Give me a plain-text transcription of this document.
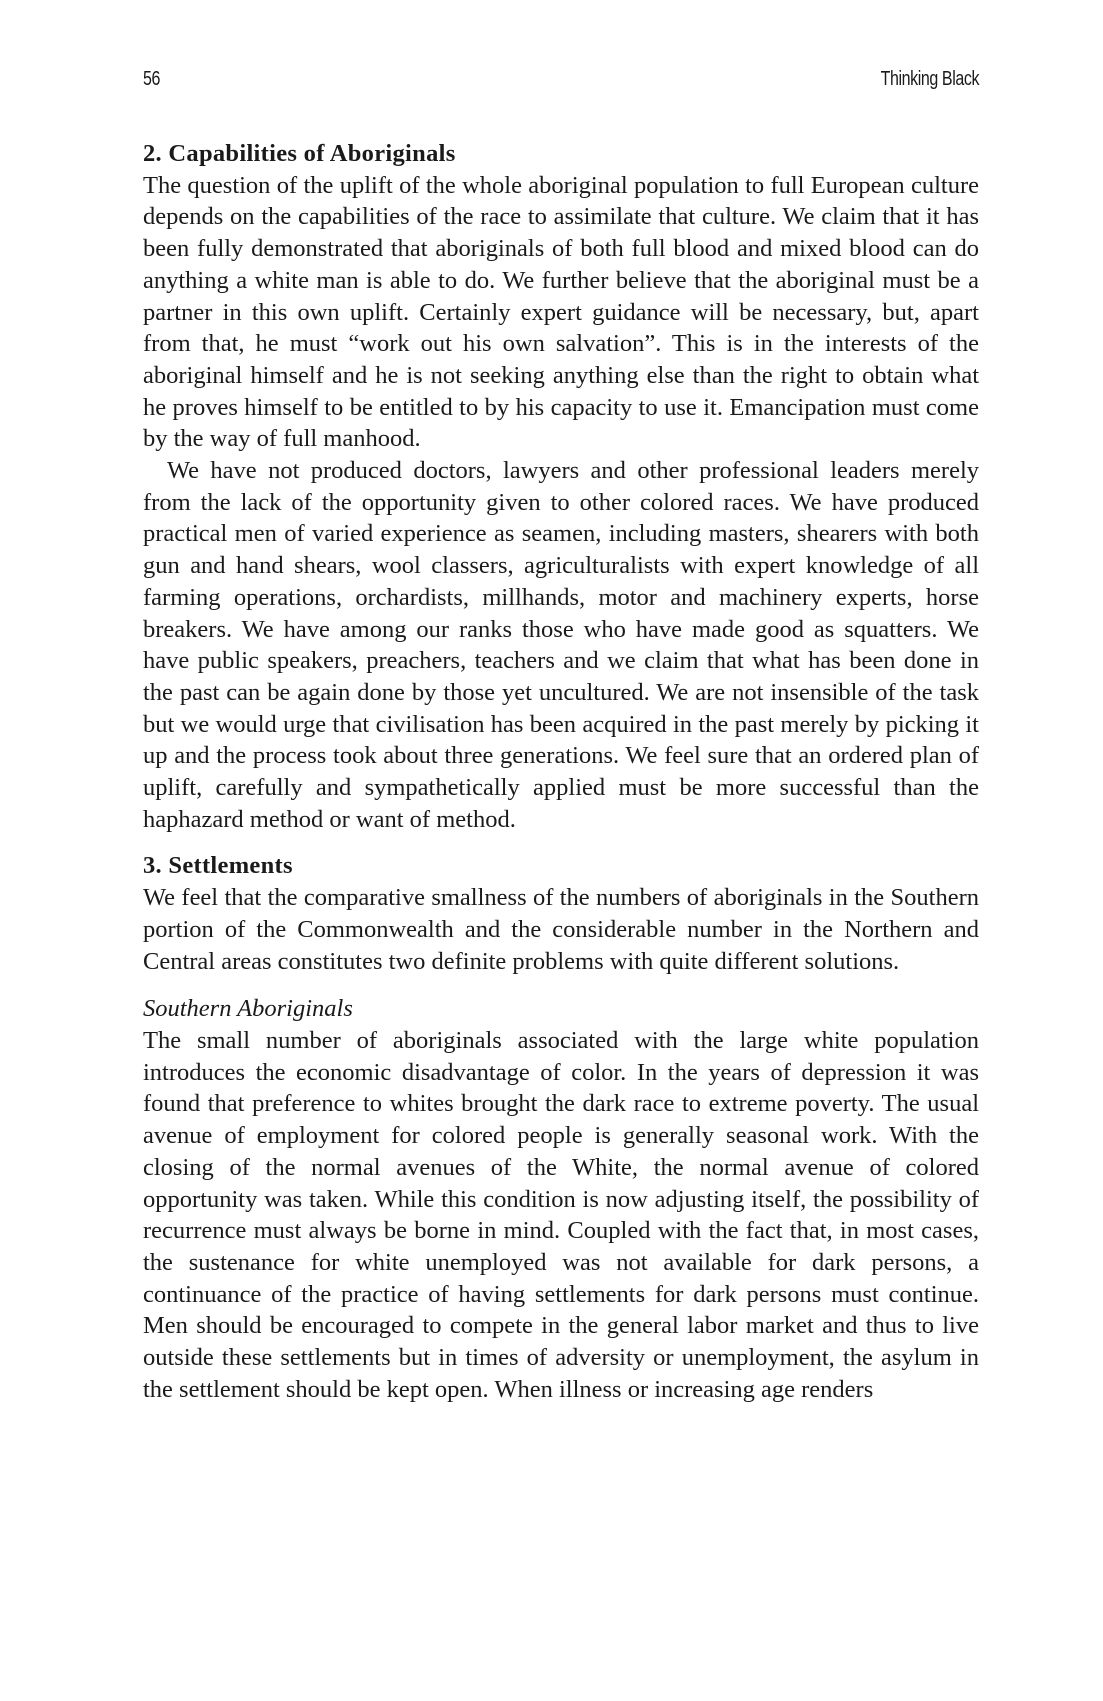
56	Thinking Black
2. Capabilities of Aboriginals

The question of the uplift of the whole aboriginal population to full European culture depends on the capabilities of the race to assimilate that culture. We claim that it has been fully demonstrated that aboriginals of both full blood and mixed blood can do anything a white man is able to do. We further believe that the aboriginal must be a partner in this own uplift. Certainly expert guidance will be necessary, but, apart from that, he must “work out his own salvation”. This is in the interests of the aboriginal himself and he is not seeking anything else than the right to obtain what he proves himself to be entitled to by his capacity to use it. Emancipation must come by the way of full manhood.

We have not produced doctors, lawyers and other professional leaders merely from the lack of the opportunity given to other colored races. We have produced practical men of varied experience as seamen, including masters, shearers with both gun and hand shears, wool classers, agriculturalists with expert knowledge of all farming operations, orchardists, millhands, motor and machinery experts, horse breakers. We have among our ranks those who have made good as squatters. We have public speakers, preachers, teachers and we claim that what has been done in the past can be again done by those yet uncultured. We are not insensible of the task but we would urge that civilisation has been acquired in the past merely by picking it up and the process took about three generations. We feel sure that an ordered plan of uplift, carefully and sympathetically applied must be more successful than the haphazard method or want of method.

3. Settlements

We feel that the comparative smallness of the numbers of aboriginals in the Southern portion of the Commonwealth and the considerable number in the Northern and Central areas constitutes two definite problems with quite different solutions.

Southern Aboriginals

The small number of aboriginals associated with the large white population introduces the economic disadvantage of color. In the years of depression it was found that preference to whites brought the dark race to extreme poverty. The usual avenue of employment for colored people is generally seasonal work. With the closing of the normal avenues of the White, the normal avenue of colored opportunity was taken. While this condition is now adjusting itself, the possibility of recurrence must always be borne in mind. Coupled with the fact that, in most cases, the sustenance for white unemployed was not available for dark persons, a continuance of the practice of having settlements for dark persons must continue. Men should be encouraged to compete in the general labor market and thus to live outside these settlements but in times of adversity or unemployment, the asylum in the settlement should be kept open. When illness or increasing age renders
